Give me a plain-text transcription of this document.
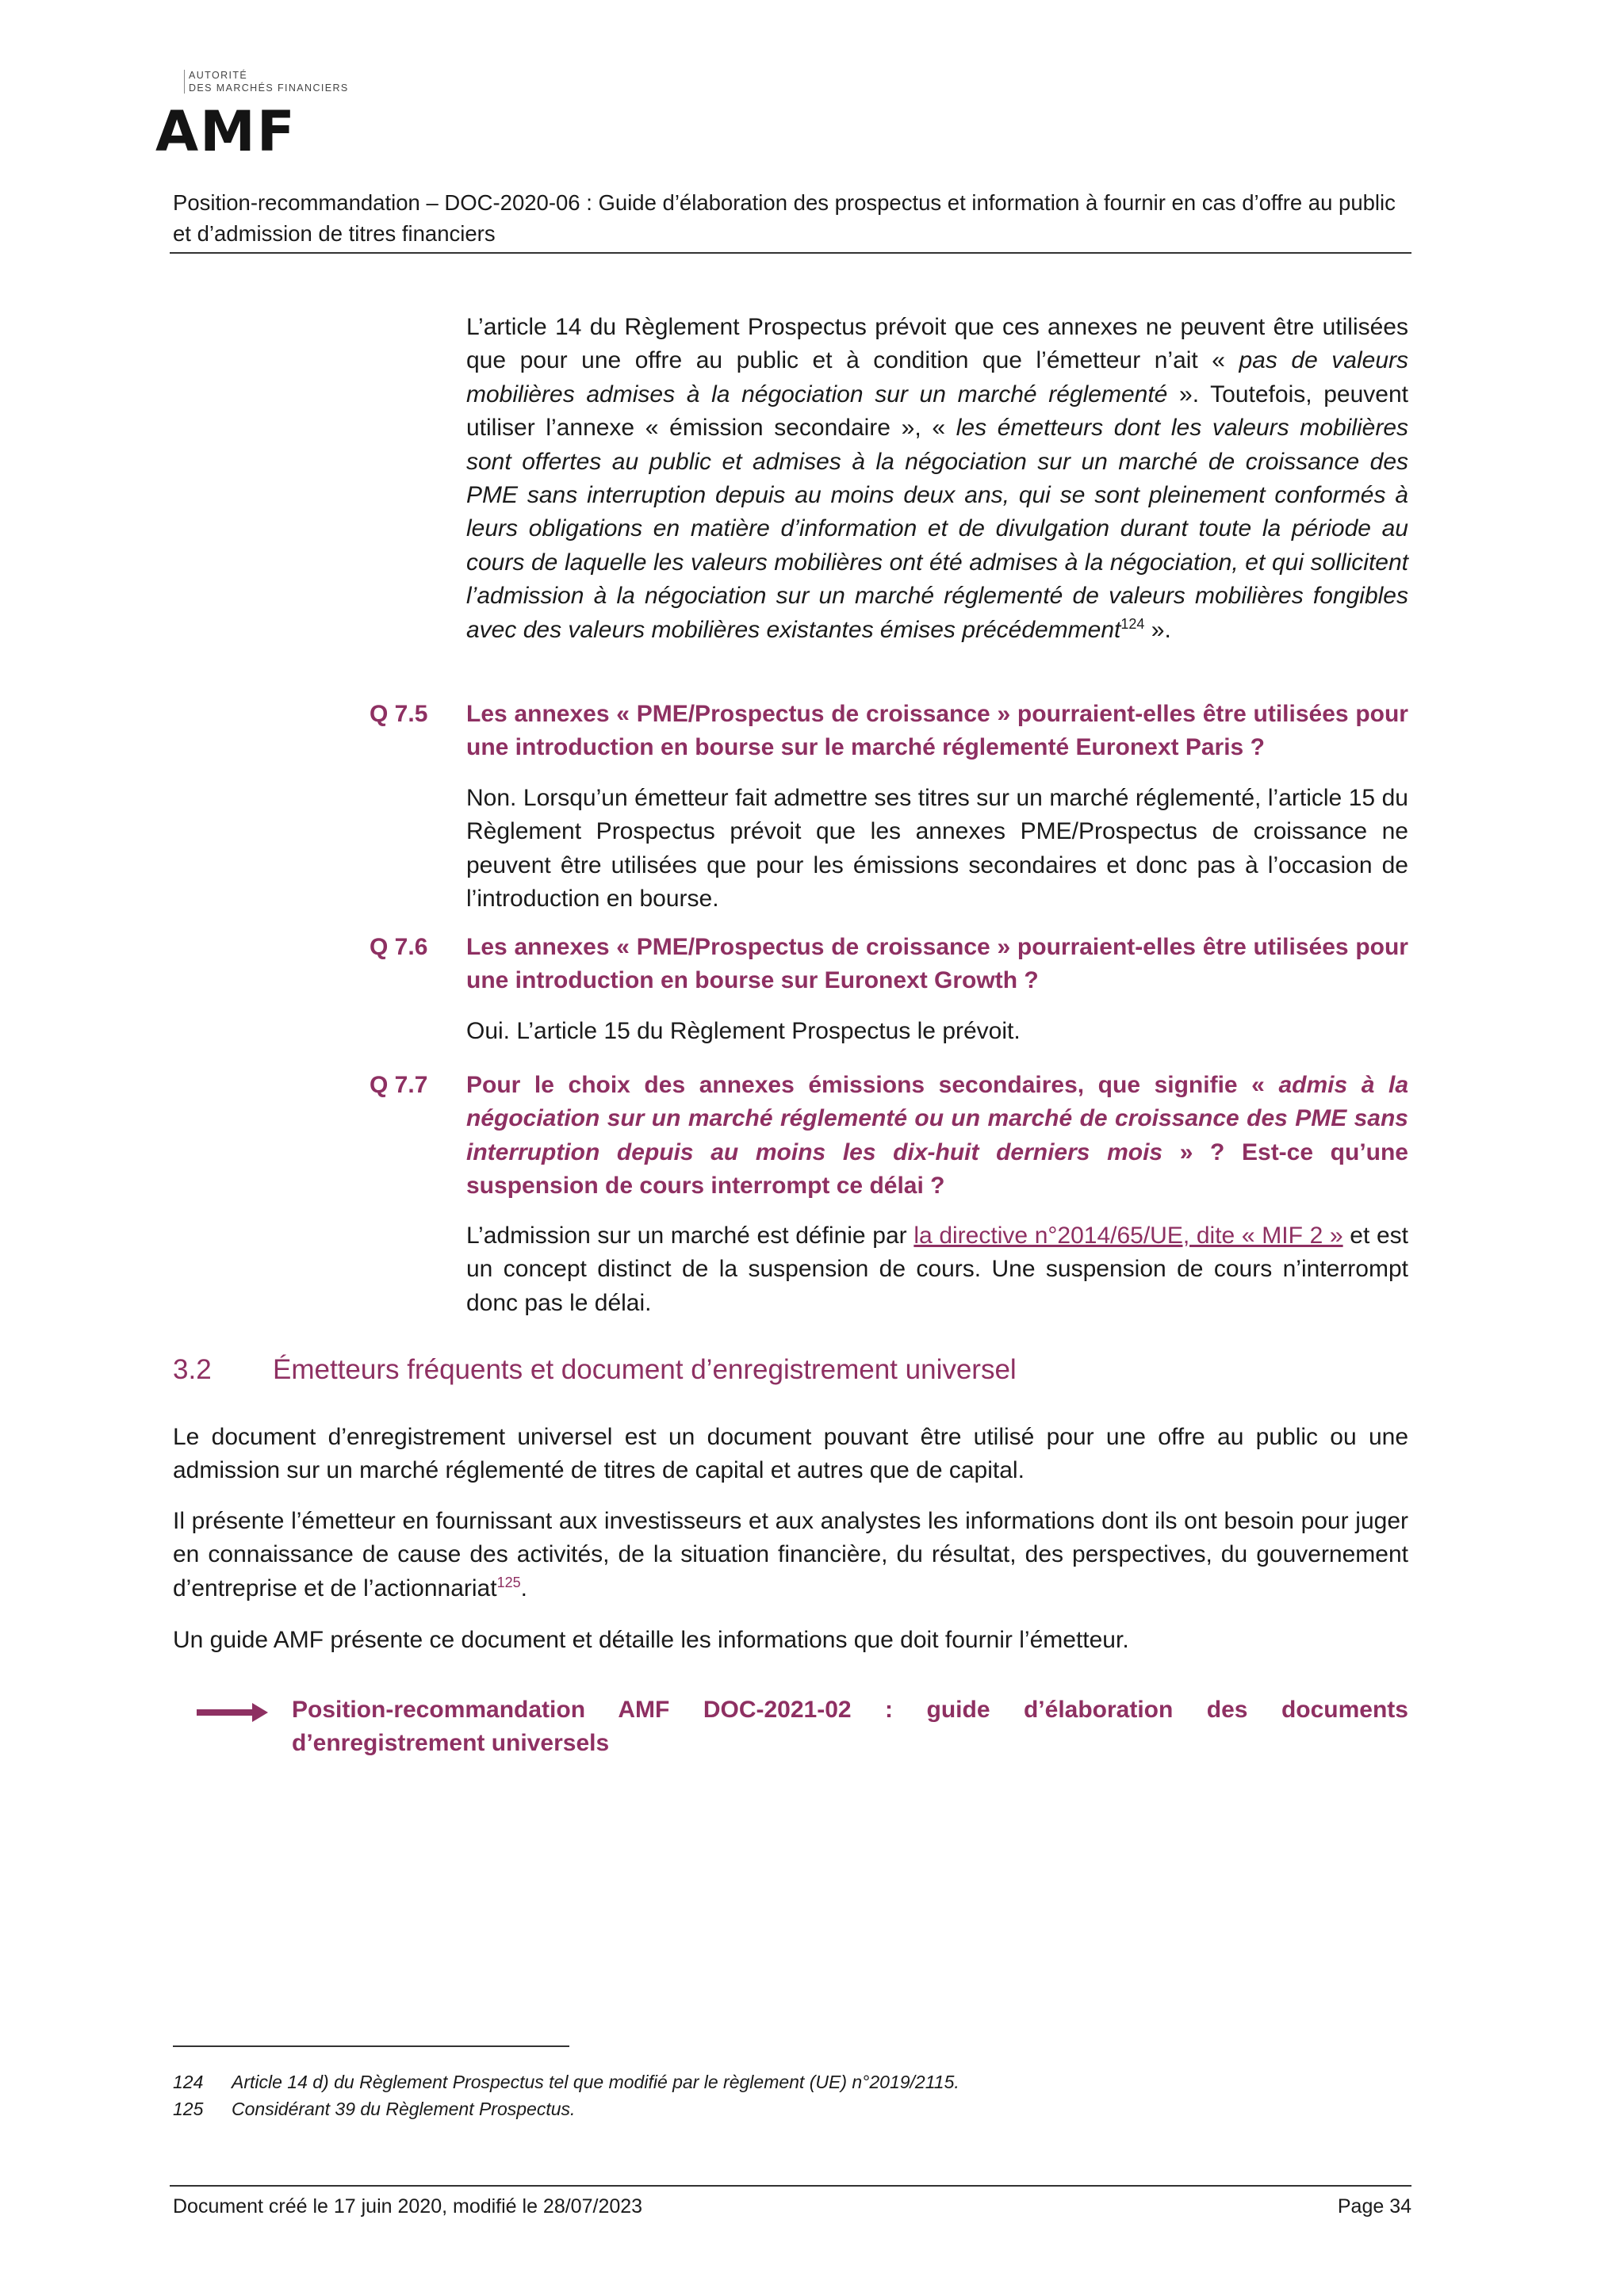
AUTORITÉ
DES MARCHÉS FINANCIERS
AMF
Position-recommandation – DOC-2020-06 : Guide d’élaboration des prospectus et information à fournir en cas d’offre au public et d’admission de titres financiers
L’article 14 du Règlement Prospectus prévoit que ces annexes ne peuvent être utilisées que pour une offre au public et à condition que l’émetteur n’ait « pas de valeurs mobilières admises à la négociation sur un marché réglementé ». Toutefois, peuvent utiliser l’annexe « émission secondaire », « les émetteurs dont les valeurs mobilières sont offertes au public et admises à la négociation sur un marché de croissance des PME sans interruption depuis au moins deux ans, qui se sont pleinement conformés à leurs obligations en matière d’information et de divulgation durant toute la période au cours de laquelle les valeurs mobilières ont été admises à la négociation, et qui sollicitent l’admission à la négociation sur un marché réglementé de valeurs mobilières fongibles avec des valeurs mobilières existantes émises précédemment$^{124}$ ».
Q 7.5 Les annexes « PME/Prospectus de croissance » pourraient-elles être utilisées pour une introduction en bourse sur le marché réglementé Euronext Paris ?
Non. Lorsqu’un émetteur fait admettre ses titres sur un marché réglementé, l’article 15 du Règlement Prospectus prévoit que les annexes PME/Prospectus de croissance ne peuvent être utilisées que pour les émissions secondaires et donc pas à l’occasion de l’introduction en bourse.
Q 7.6 Les annexes « PME/Prospectus de croissance » pourraient-elles être utilisées pour une introduction en bourse sur Euronext Growth ?
Oui. L’article 15 du Règlement Prospectus le prévoit.
Q 7.7 Pour le choix des annexes émissions secondaires, que signifie « admis à la négociation sur un marché réglementé ou un marché de croissance des PME sans interruption depuis au moins les dix-huit derniers mois » ? Est-ce qu’une suspension de cours interrompt ce délai ?
L’admission sur un marché est définie par la directive n°2014/65/UE, dite « MIF 2 » et est un concept distinct de la suspension de cours. Une suspension de cours n’interrompt donc pas le délai.
3.2 Émetteurs fréquents et document d’enregistrement universel
Le document d’enregistrement universel est un document pouvant être utilisé pour une offre au public ou une admission sur un marché réglementé de titres de capital et autres que de capital.
Il présente l’émetteur en fournissant aux investisseurs et aux analystes les informations dont ils ont besoin pour juger en connaissance de cause des activités, de la situation financière, du résultat, des perspectives, du gouvernement d’entreprise et de l’actionnariat$^{125}$.
Un guide AMF présente ce document et détaille les informations que doit fournir l’émetteur.
Position-recommandation AMF DOC-2021-02 : guide d’élaboration des documents d’enregistrement universels
124 Article 14 d) du Règlement Prospectus tel que modifié par le règlement (UE) n°2019/2115.
125 Considérant 39 du Règlement Prospectus.
Document créé le 17 juin 2020, modifié le 28/07/2023	Page 34
